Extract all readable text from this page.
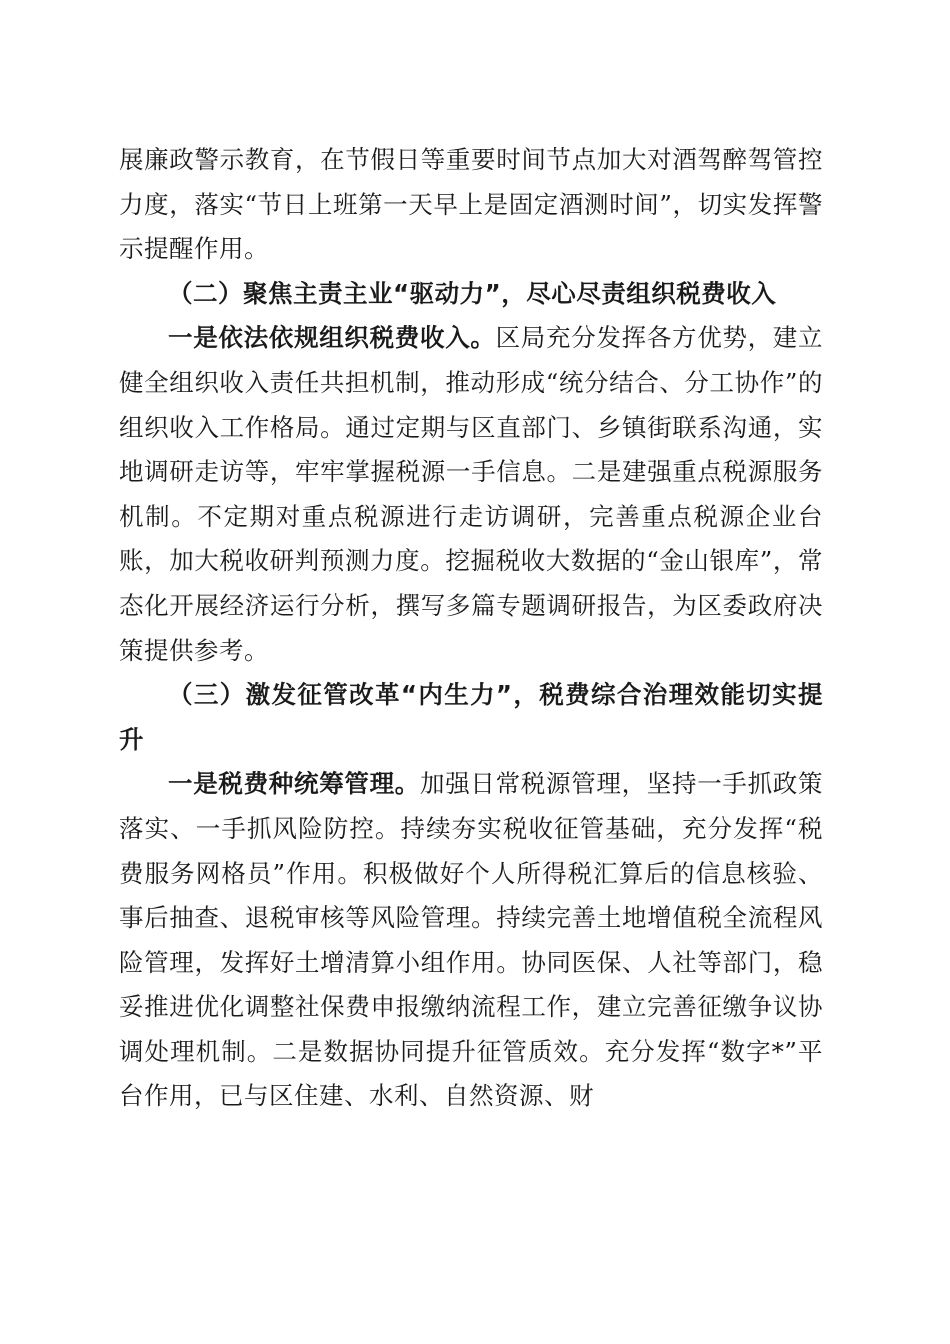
展廉政警示教育，在节假日等重要时间节点加大对酒驾醉驾管控力度，落实“节日上班第一天早上是固定酒测时间”，切实发挥警示提醒作用。

（二）聚焦主责主业“驱动力”，尽心尽责组织税费收入

一是依法依规组织税费收入。区局充分发挥各方优势，建立健全组织收入责任共担机制，推动形成“统分结合、分工协作”的组织收入工作格局。通过定期与区直部门、乡镇街联系沟通，实地调研走访等，牢牢掌握税源一手信息。二是建强重点税源服务机制。不定期对重点税源进行走访调研，完善重点税源企业台账，加大税收研判预测力度。挖掘税收大数据的“金山银库”，常态化开展经济运行分析，撰写多篇专题调研报告，为区委政府决策提供参考。

（三）激发征管改革“内生力”，税费综合治理效能切实提升

一是税费种统筹管理。加强日常税源管理，坚持一手抓政策落实、一手抓风险防控。持续夯实税收征管基础，充分发挥“税费服务网格员”作用。积极做好个人所得税汇算后的信息核验、事后抽查、退税审核等风险管理。持续完善土地增值税全流程风险管理，发挥好土增清算小组作用。协同医保、人社等部门，稳妥推进优化调整社保费申报缴纳流程工作，建立完善征缴争议协调处理机制。二是数据协同提升征管质效。充分发挥“数字*”平台作用，已与区住建、水利、自然资源、财
